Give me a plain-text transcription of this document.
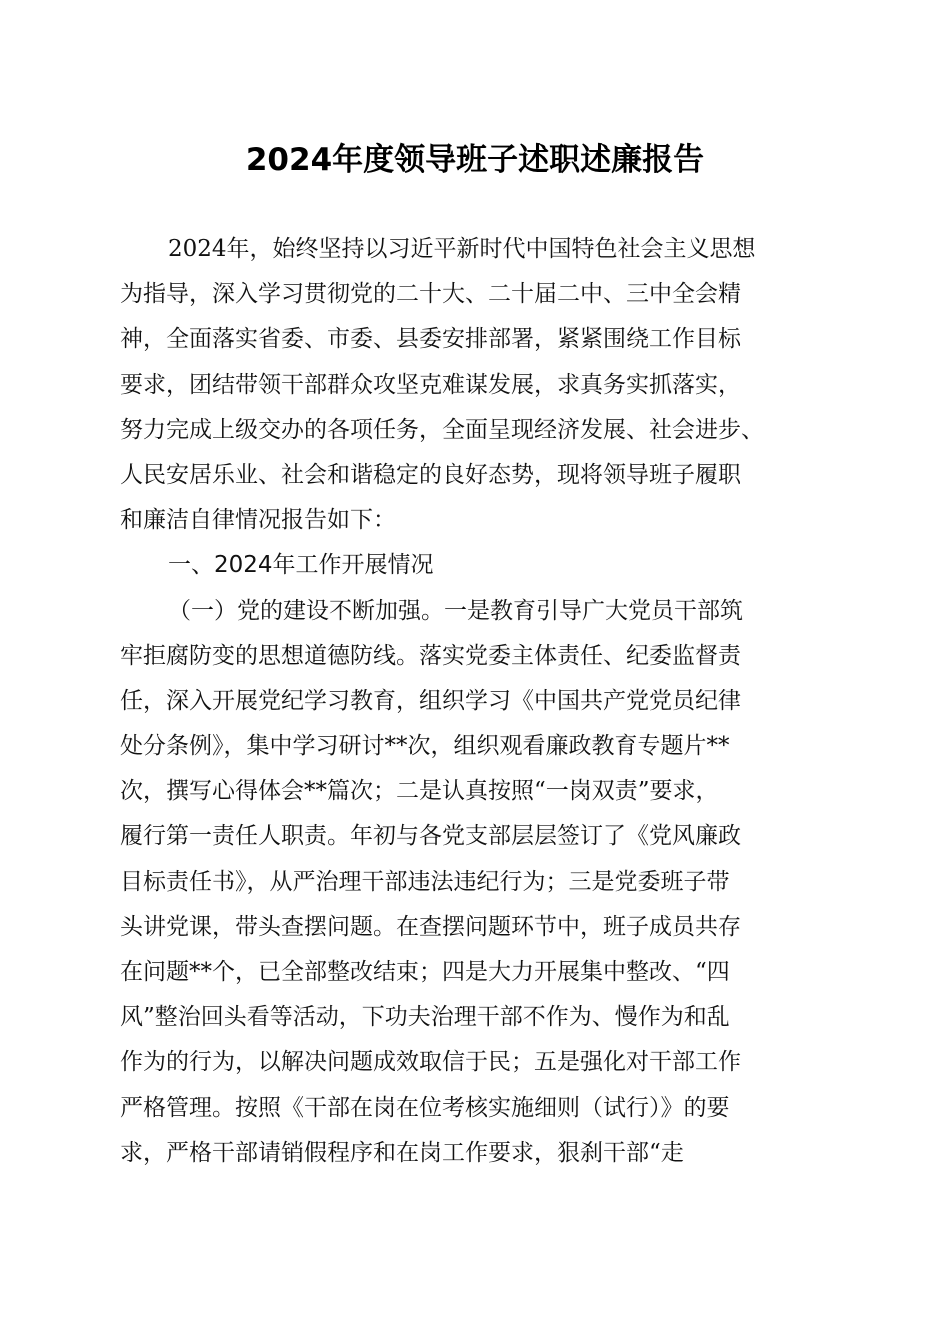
2024年度领导班子述职述廉报告
2024年，始终坚持以习近平新时代中国特色社会主义思想
为指导，深入学习贯彻党的二十大、二十届二中、三中全会精
神，全面落实省委、市委、县委安排部署，紧紧围绕工作目标
要求，团结带领干部群众攻坚克难谋发展，求真务实抓落实，
努力完成上级交办的各项任务，全面呈现经济发展、社会进步、
人民安居乐业、社会和谐稳定的良好态势，现将领导班子履职
和廉洁自律情况报告如下：
一、2024年工作开展情况
（一）党的建设不断加强。一是教育引导广大党员干部筑
牢拒腐防变的思想道德防线。落实党委主体责任、纪委监督责
任，深入开展党纪学习教育，组织学习《中国共产党党员纪律
处分条例》，集中学习研讨**次，组织观看廉政教育专题片**
次，撰写心得体会**篇次；二是认真按照“一岗双责”要求，
履行第一责任人职责。年初与各党支部层层签订了《党风廉政
目标责任书》，从严治理干部违法违纪行为；三是党委班子带
头讲党课，带头查摆问题。在查摆问题环节中，班子成员共存
在问题**个，已全部整改结束；四是大力开展集中整改、“四
风”整治回头看等活动，下功夫治理干部不作为、慢作为和乱
作为的行为，以解决问题成效取信于民；五是强化对干部工作
严格管理。按照《干部在岗在位考核实施细则（试行）》的要
求，严格干部请销假程序和在岗工作要求，狠刹干部“走
